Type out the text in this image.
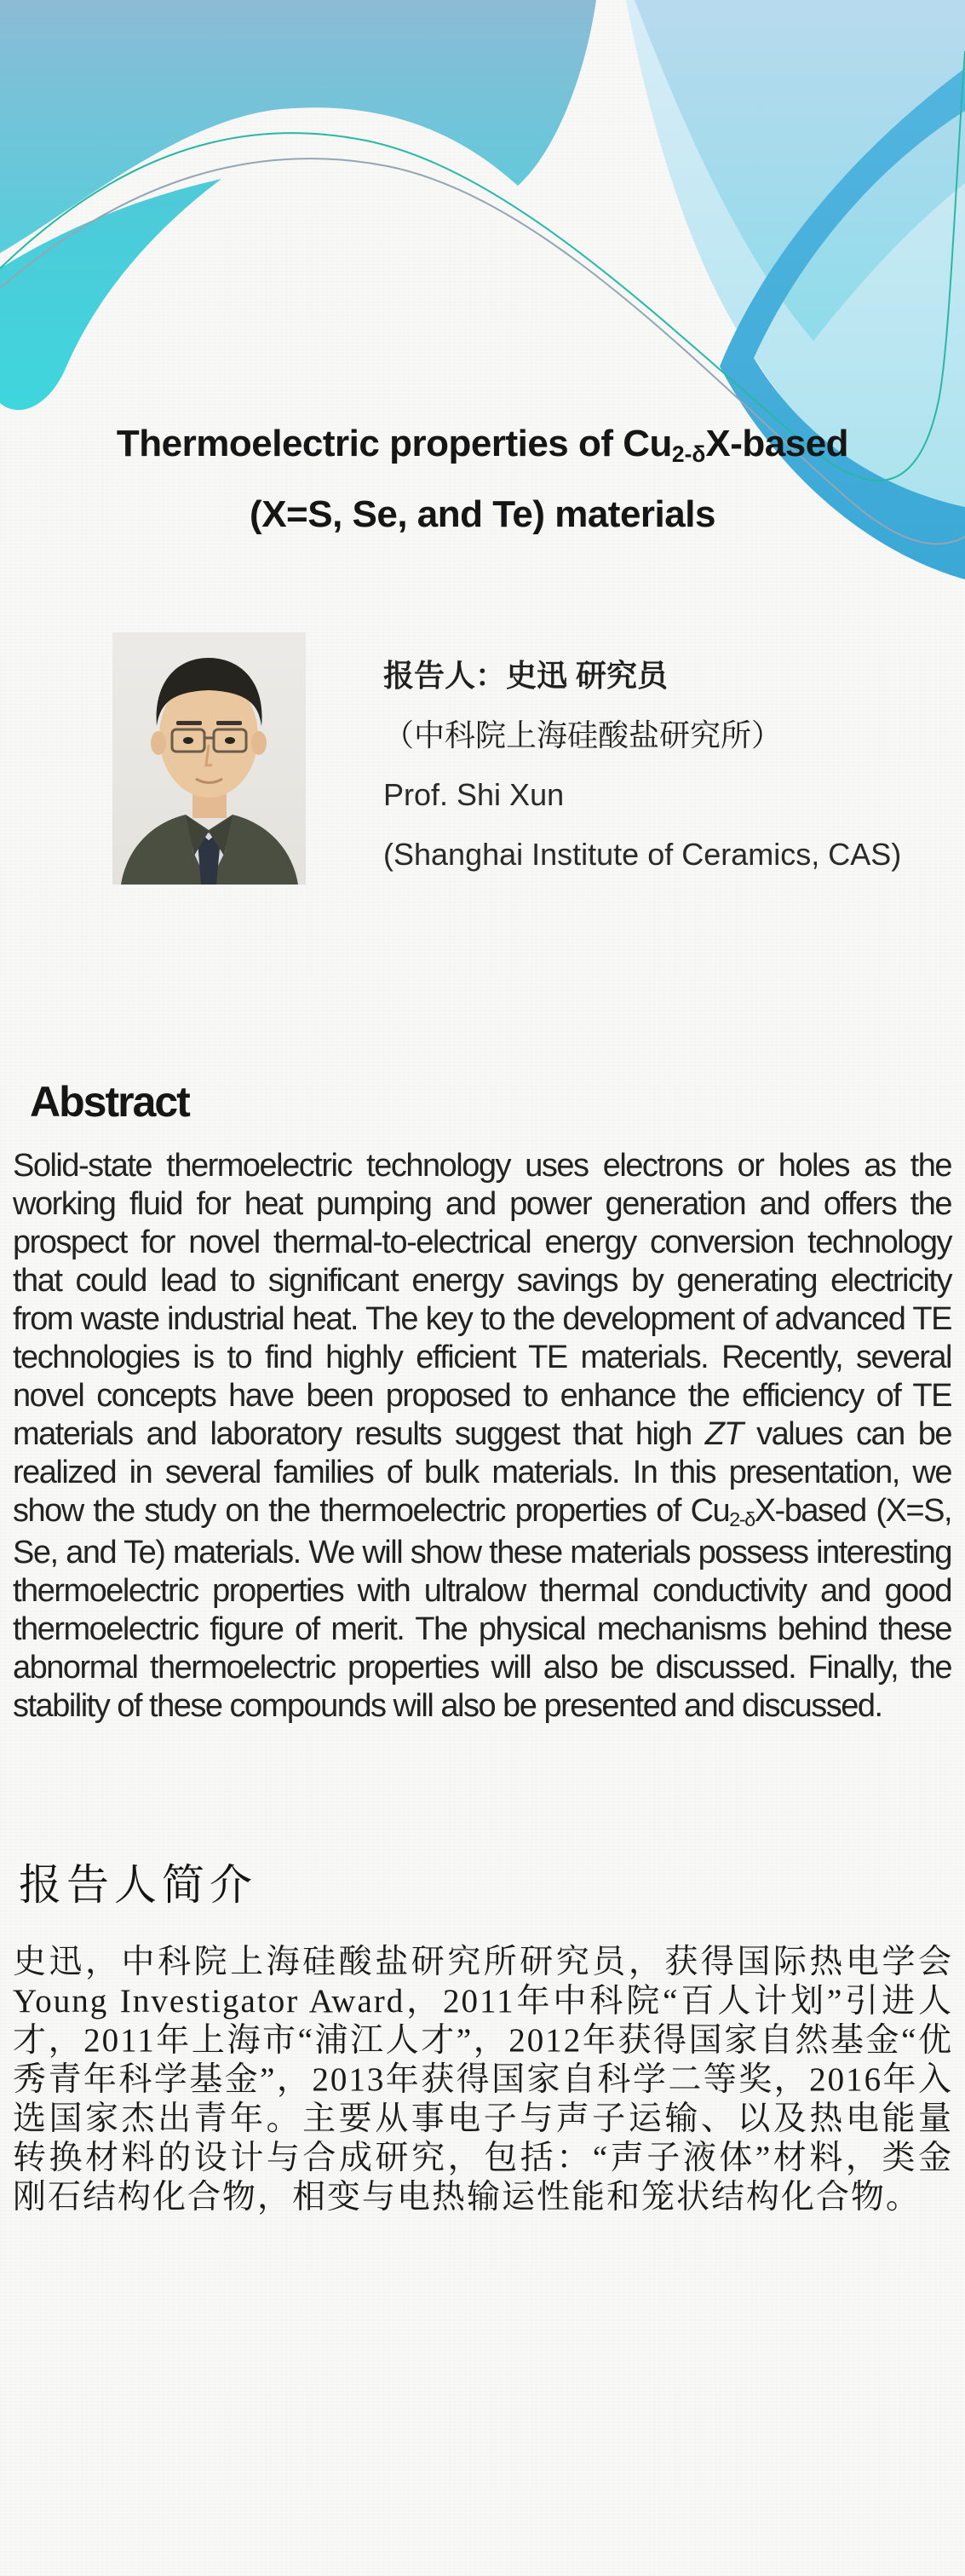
Thermoelectric properties of $Cu_{2-\delta}X$-based
(X=S, Se, and Te) materials
报告人：史迅 研究员
（中科院上海硅酸盐研究所）
Prof. Shi Xun
(Shanghai Institute of Ceramics, CAS)
Abstract

Solid-state thermoelectric technology uses electrons or holes as the working fluid for heat pumping and power generation and offers the prospect for novel thermal-to-electrical energy conversion technology that could lead to significant energy savings by generating electricity from waste industrial heat. The key to the development of advanced TE technologies is to find highly efficient TE materials. Recently, several novel concepts have been proposed to enhance the efficiency of TE materials and laboratory results suggest that high ZT values can be realized in several families of bulk materials. In this presentation, we show the study on the thermoelectric properties of $Cu_{2-\delta}X$-based (X=S, Se, and Te) materials. We will show these materials possess interesting thermoelectric properties with ultralow thermal conductivity and good thermoelectric figure of merit. The physical mechanisms behind these abnormal thermoelectric properties will also be discussed. Finally, the stability of these compounds will also be presented and discussed.

报告人简介

史迅，中科院上海硅酸盐研究所研究员，获得国际热电学会Young Investigator Award，2011年中科院“百人计划”引进人才，2011年上海市“浦江人才”，2012年获得国家自然基金“优秀青年科学基金”，2013年获得国家自科学二等奖，2016年入选国家杰出青年。主要从事电子与声子运输、以及热电能量转换材料的设计与合成研究，包括：“声子液体”材料，类金刚石结构化合物，相变与电热输运性能和笼状结构化合物。
